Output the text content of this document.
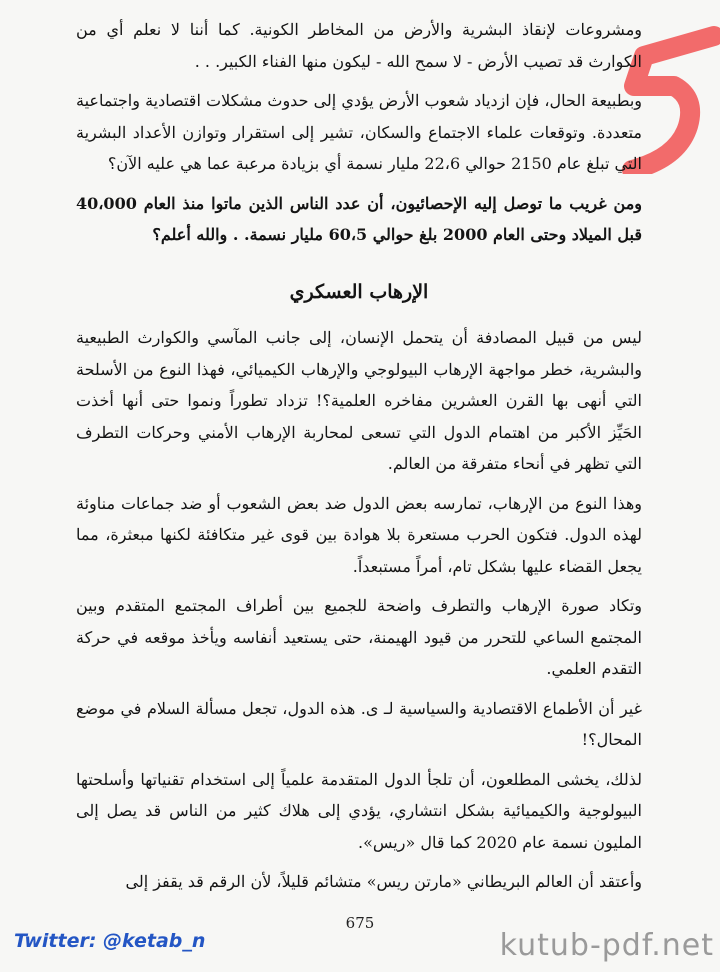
ومشروعات لإنقاذ البشرية والأرض من المخاطر الكونية. كما أننا لا نعلم أي من الكوارث قد تصيب الأرض - لا سمح الله - ليكون منها الفناء الكبير. . .

وبطبيعة الحال، فإن ازدياد شعوب الأرض يؤدي إلى حدوث مشكلات اقتصادية واجتماعية متعددة. وتوقعات علماء الاجتماع والسكان، تشير إلى استقرار وتوازن الأعداد البشرية التي تبلغ عام 2150 حوالي 22،6 مليار نسمة أي بزيادة مرعبة عما هي عليه الآن؟

ومن غريب ما توصل إليه الإحصائيون، أن عدد الناس الذين ماتوا منذ العام 40،000 قبل الميلاد وحتى العام 2000 بلغ حوالي 60،5 مليار نسمة. . والله أعلم؟

الإرهاب العسكري

ليس من قبيل المصادفة أن يتحمل الإنسان، إلى جانب المآسي والكوارث الطبيعية والبشرية، خطر مواجهة الإرهاب البيولوجي والإرهاب الكيميائي، فهذا النوع من الأسلحة التي أنهى بها القرن العشرين مفاخره العلمية؟! تزداد تطوراً ونموا حتى أنها أخذت الحَيِّز الأكبر من اهتمام الدول التي تسعى لمحاربة الإرهاب الأمني وحركات التطرف التي تظهر في أنحاء متفرقة من العالم.

وهذا النوع من الإرهاب، تمارسه بعض الدول ضد بعض الشعوب أو ضد جماعات مناوئة لهذه الدول. فتكون الحرب مستعرة بلا هوادة بين قوى غير متكافئة لكنها مبعثرة، مما يجعل القضاء عليها بشكل تام، أمراً مستبعداً.

وتكاد صورة الإرهاب والتطرف واضحة للجميع بين أطراف المجتمع المتقدم وبين المجتمع الساعي للتحرر من قيود الهيمنة، حتى يستعيد أنفاسه ويأخذ موقعه في حركة التقدم العلمي.

غير أن الأطماع الاقتصادية والسياسية لـ ى. هذه الدول، تجعل مسألة السلام في موضع المحال؟!

لذلك، يخشى المطلعون، أن تلجأ الدول المتقدمة علمياً إلى استخدام تقنياتها وأسلحتها البيولوجية والكيميائية بشكل انتشاري، يؤدي إلى هلاك كثير من الناس قد يصل إلى المليون نسمة عام 2020 كما قال «ريس».

وأعتقد أن العالم البريطاني «مارتن ريس» متشائم قليلاً، لأن الرقم قد يقفز إلى

675
Twitter: @ketab_n	kutub-pdf.net
